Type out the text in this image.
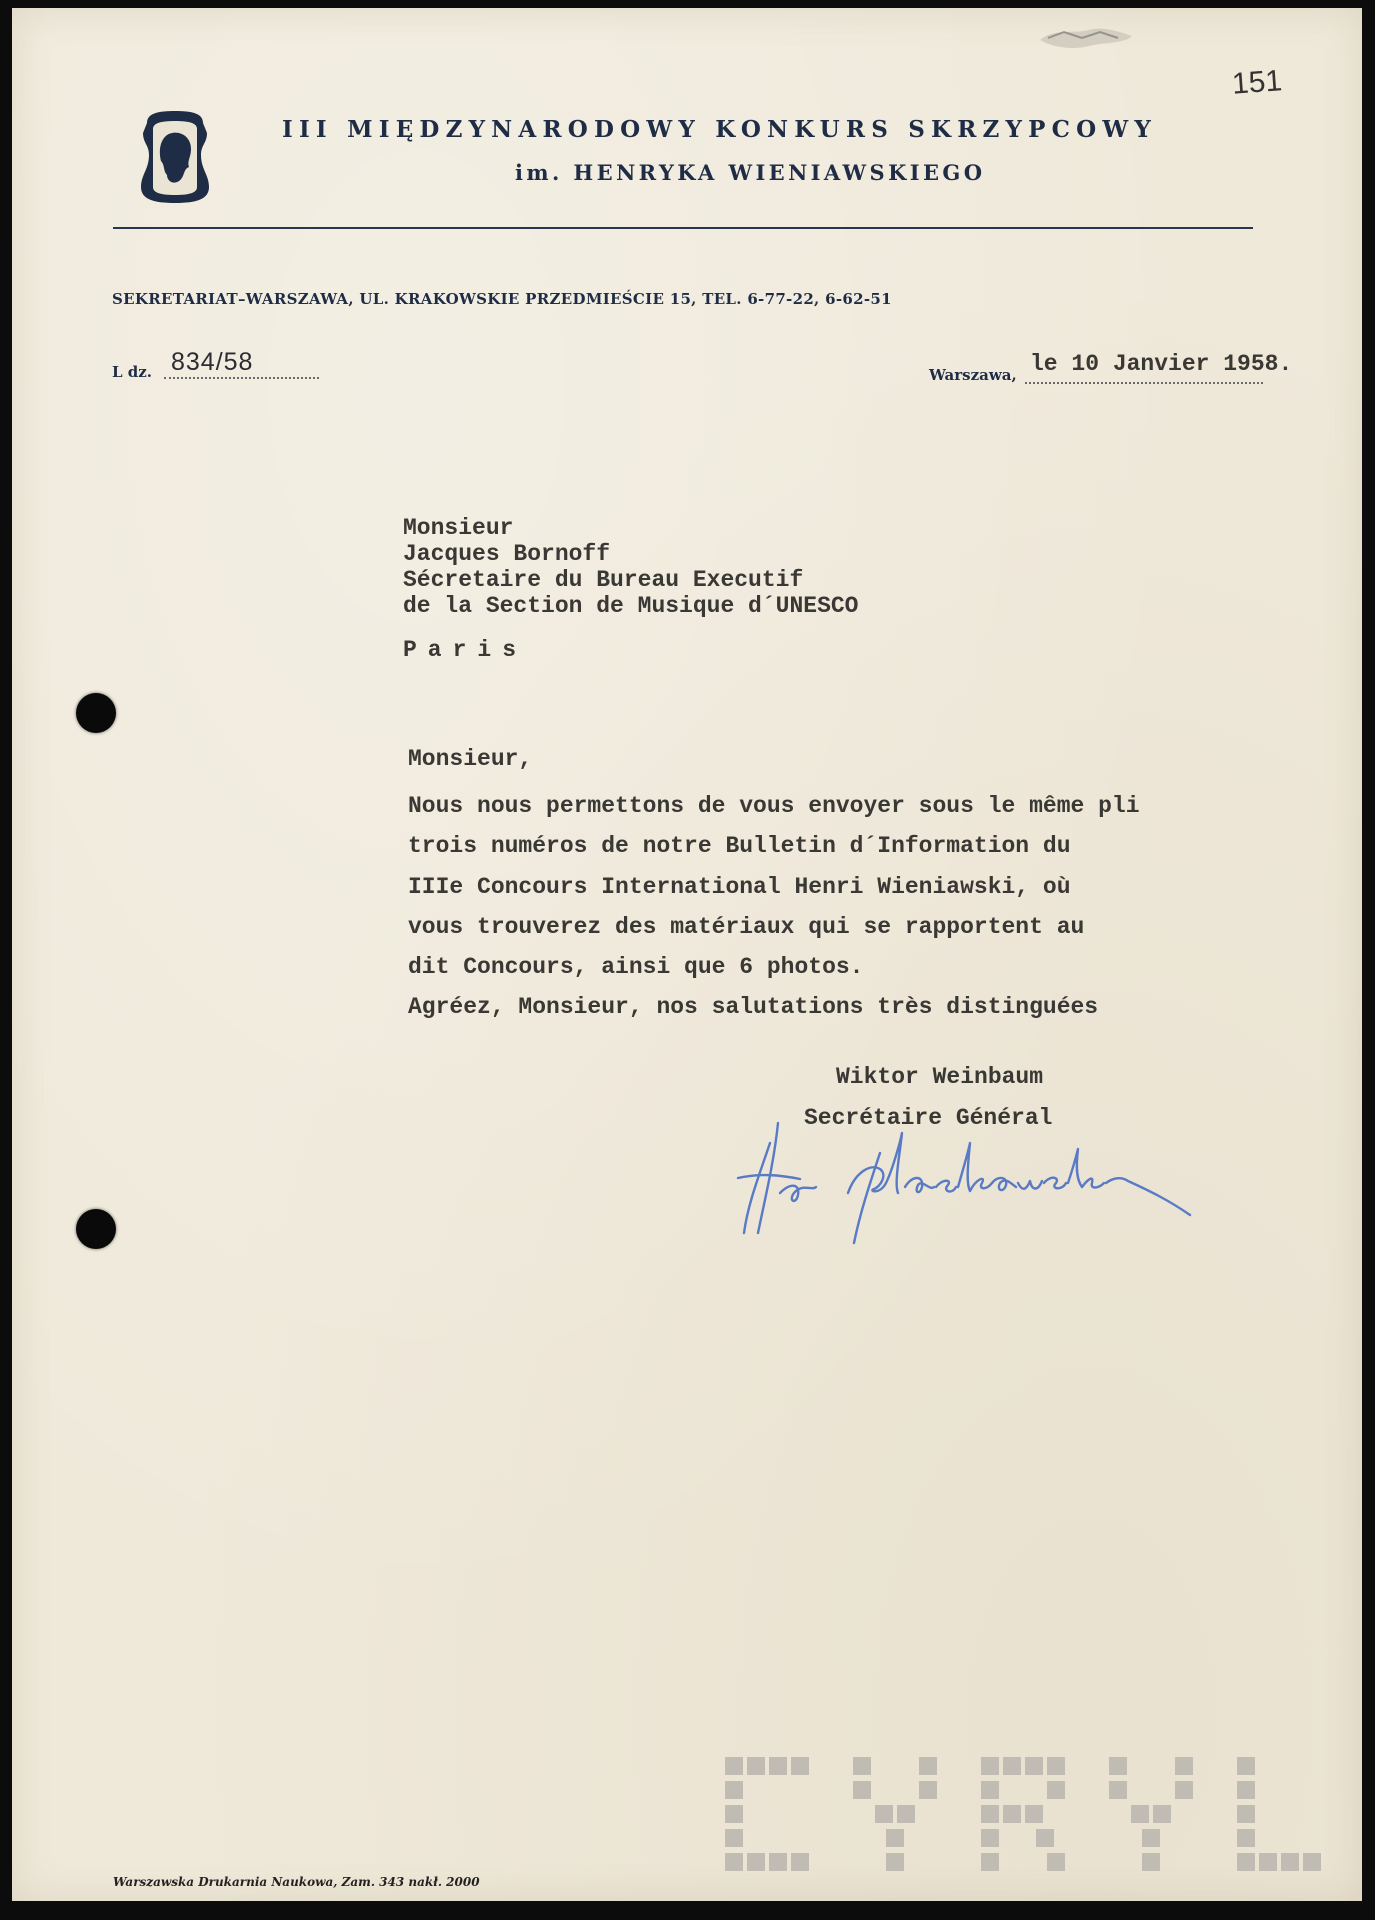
151
III MIĘDZYNARODOWY KONKURS SKRZYPCOWY
im. HENRYKA WIENIAWSKIEGO
SEKRETARIAT–WARSZAWA, UL. KRAKOWSKIE PRZEDMIEŚCIE 15, TEL. 6-77-22, 6-62-51
L dz. 834/58	Warszawa, le 10 Janvier 1958.
Monsieur
Jacques Bornoff
Sécretaire du Bureau Executif
de la Section de Musique d´UNESCO
Paris
Monsieur,
Nous nous permettons de vous envoyer sous le même pli
trois numéros de notre Bulletin d´Information du
IIIe Concours International Henri Wieniawski, où
vous trouverez des matériaux qui se rapportent au
dit Concours, ainsi que 6 photos.
Agréez, Monsieur, nos salutations très distinguées
Wiktor Weinbaum
Secrétaire Général
Warszawska Drukarnia Naukowa, Zam. 343 nakł. 2000
